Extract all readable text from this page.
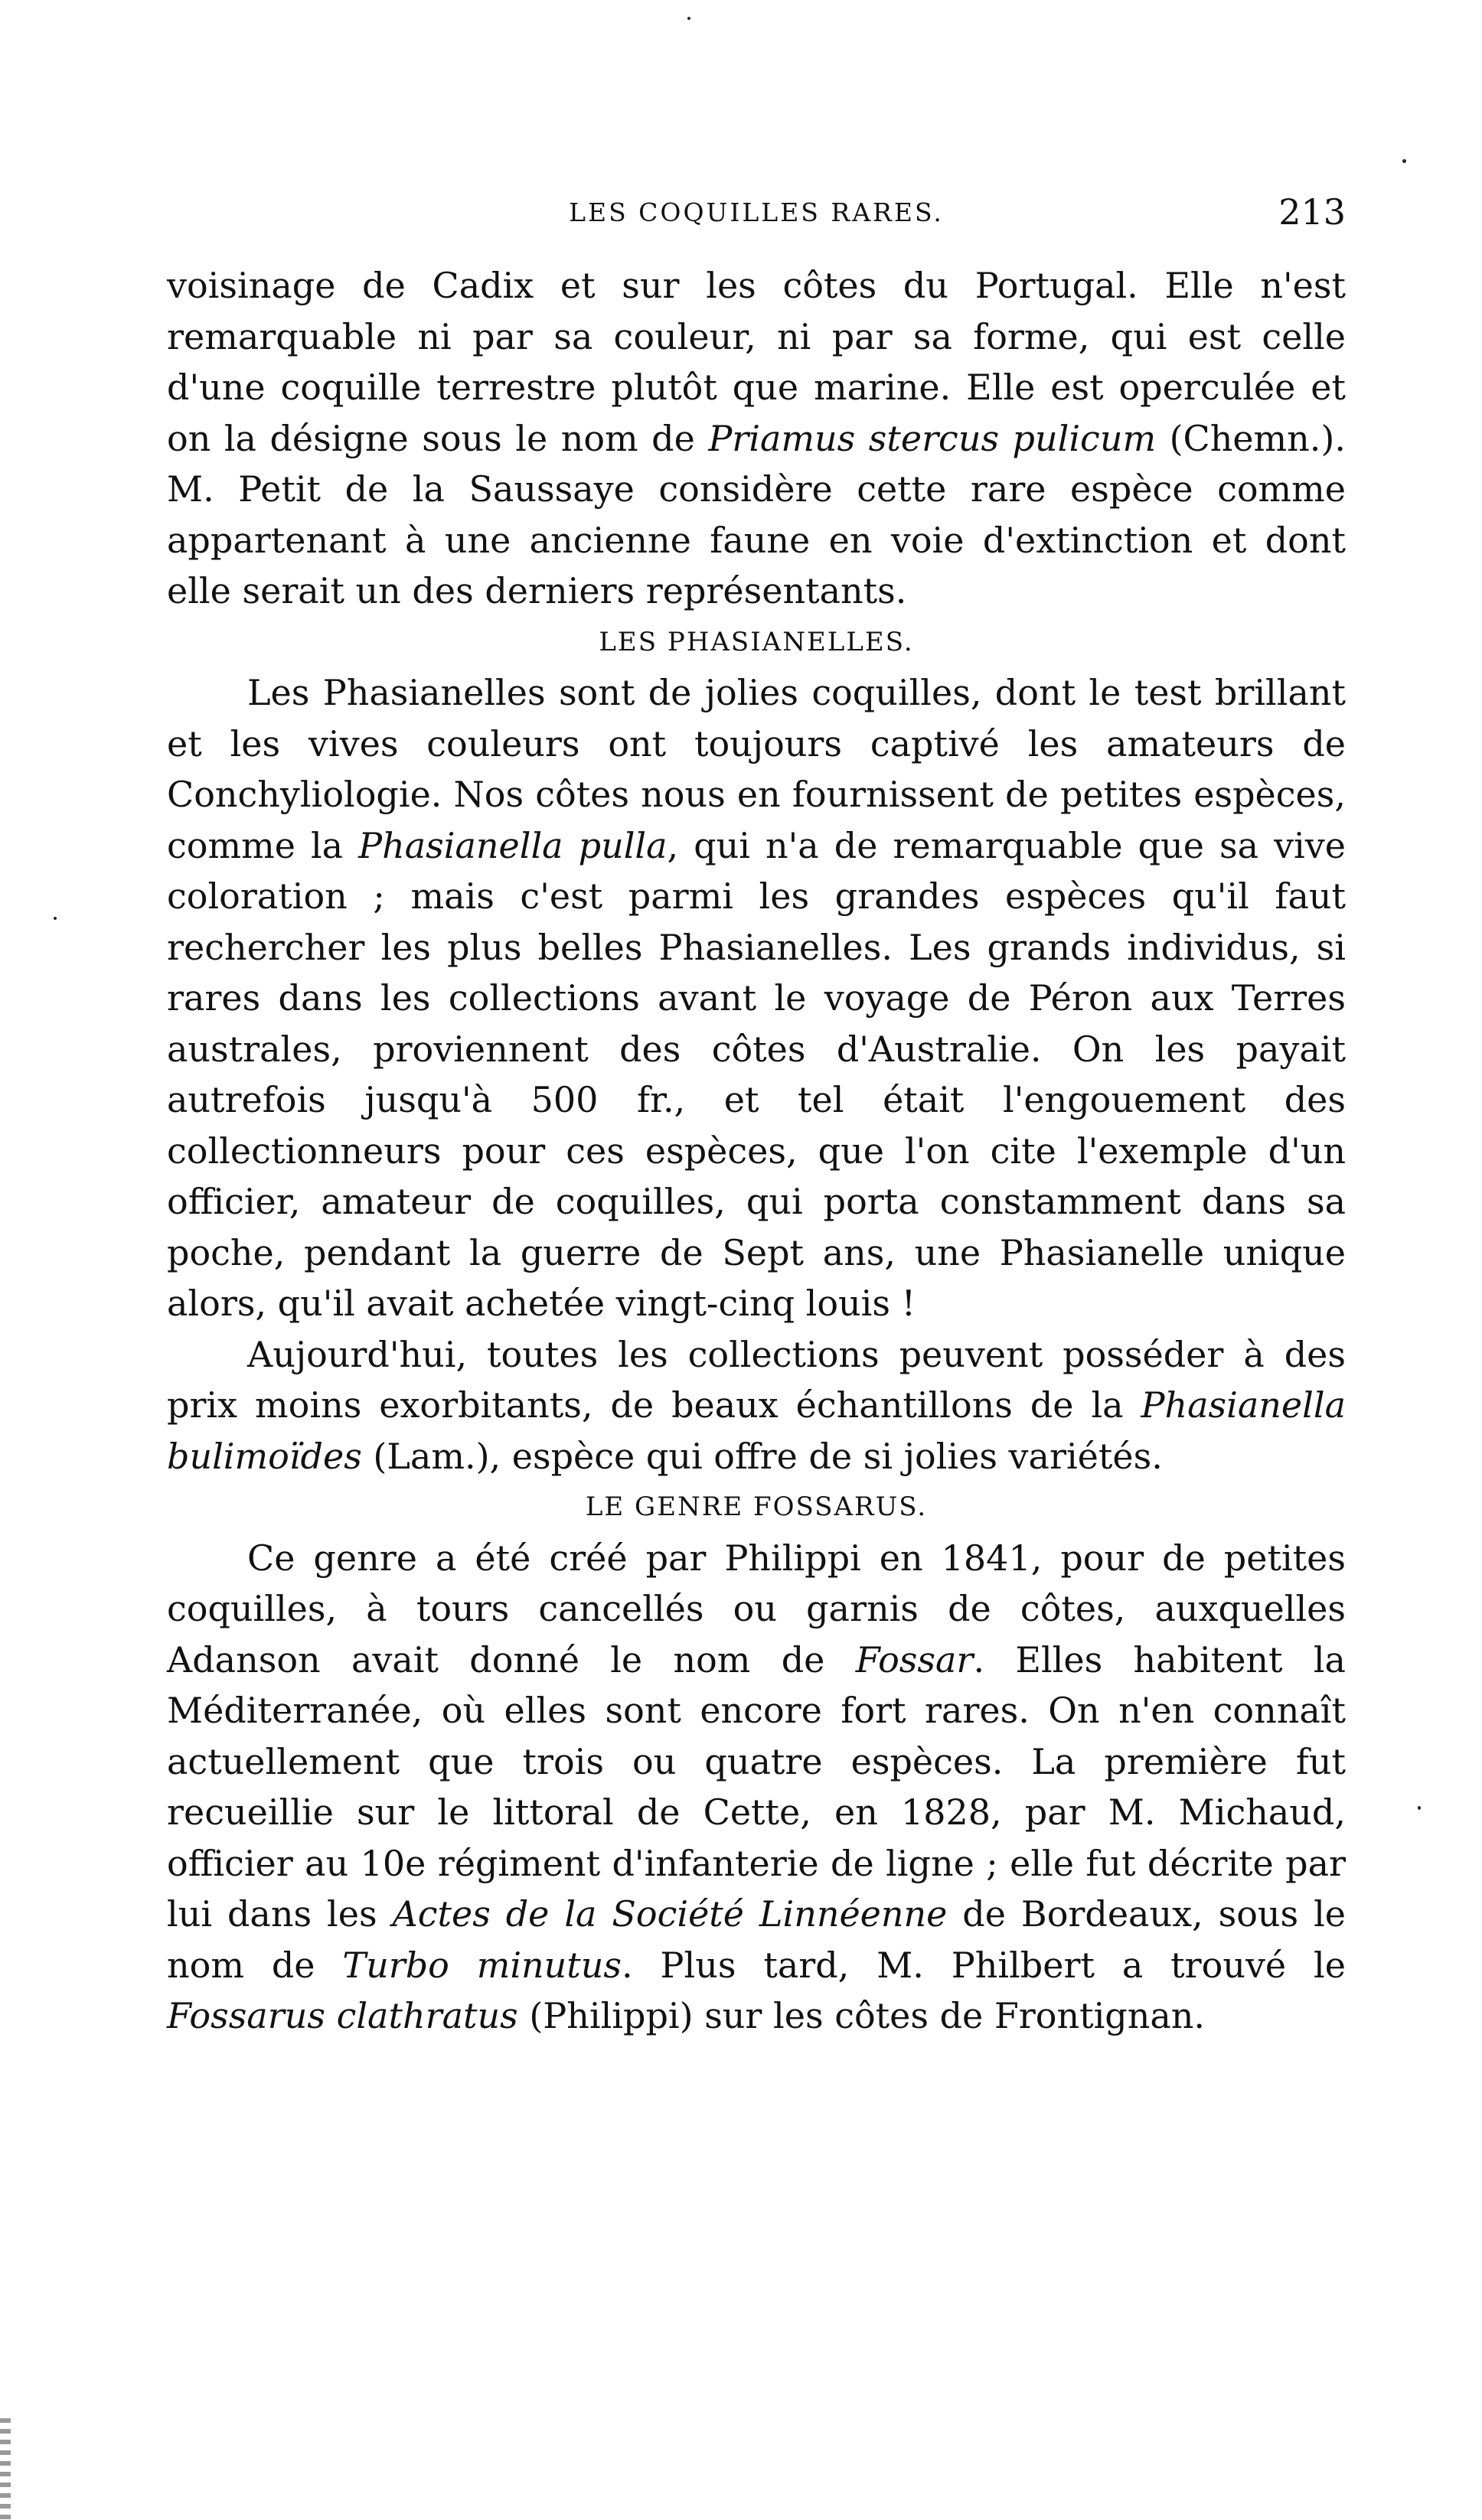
LES COQUILLES RARES.	213

voisinage de Cadix et sur les côtes du Portugal. Elle n'est remarquable ni par sa couleur, ni par sa forme, qui est celle d'une coquille terrestre plutôt que marine. Elle est operculée et on la désigne sous le nom de Priamus stercus pulicum (Chemn.). M. Petit de la Saussaye considère cette rare espèce comme appartenant à une ancienne faune en voie d'extinction et dont elle serait un des derniers représentants.

LES PHASIANELLES.

Les Phasianelles sont de jolies coquilles, dont le test brillant et les vives couleurs ont toujours captivé les amateurs de Conchyliologie. Nos côtes nous en fournissent de petites espèces, comme la Phasianella pulla, qui n'a de remarquable que sa vive coloration ; mais c'est parmi les grandes espèces qu'il faut rechercher les plus belles Phasianelles. Les grands individus, si rares dans les collections avant le voyage de Péron aux Terres australes, proviennent des côtes d'Australie. On les payait autrefois jusqu'à 500 fr., et tel était l'engouement des collectionneurs pour ces espèces, que l'on cite l'exemple d'un officier, amateur de coquilles, qui porta constamment dans sa poche, pendant la guerre de Sept ans, une Phasianelle unique alors, qu'il avait achetée vingt-cinq louis !

Aujourd'hui, toutes les collections peuvent posséder à des prix moins exorbitants, de beaux échantillons de la Phasianella bulimoïdes (Lam.), espèce qui offre de si jolies variétés.

LE GENRE FOSSARUS.

Ce genre a été créé par Philippi en 1841, pour de petites coquilles, à tours cancellés ou garnis de côtes, auxquelles Adanson avait donné le nom de Fossar. Elles habitent la Méditerranée, où elles sont encore fort rares. On n'en connaît actuellement que trois ou quatre espèces. La première fut recueillie sur le littoral de Cette, en 1828, par M. Michaud, officier au 10e régiment d'infanterie de ligne ; elle fut décrite par lui dans les Actes de la Société Linnéenne de Bordeaux, sous le nom de Turbo minutus. Plus tard, M. Philbert a trouvé le Fossarus clathratus (Philippi) sur les côtes de Frontignan.
